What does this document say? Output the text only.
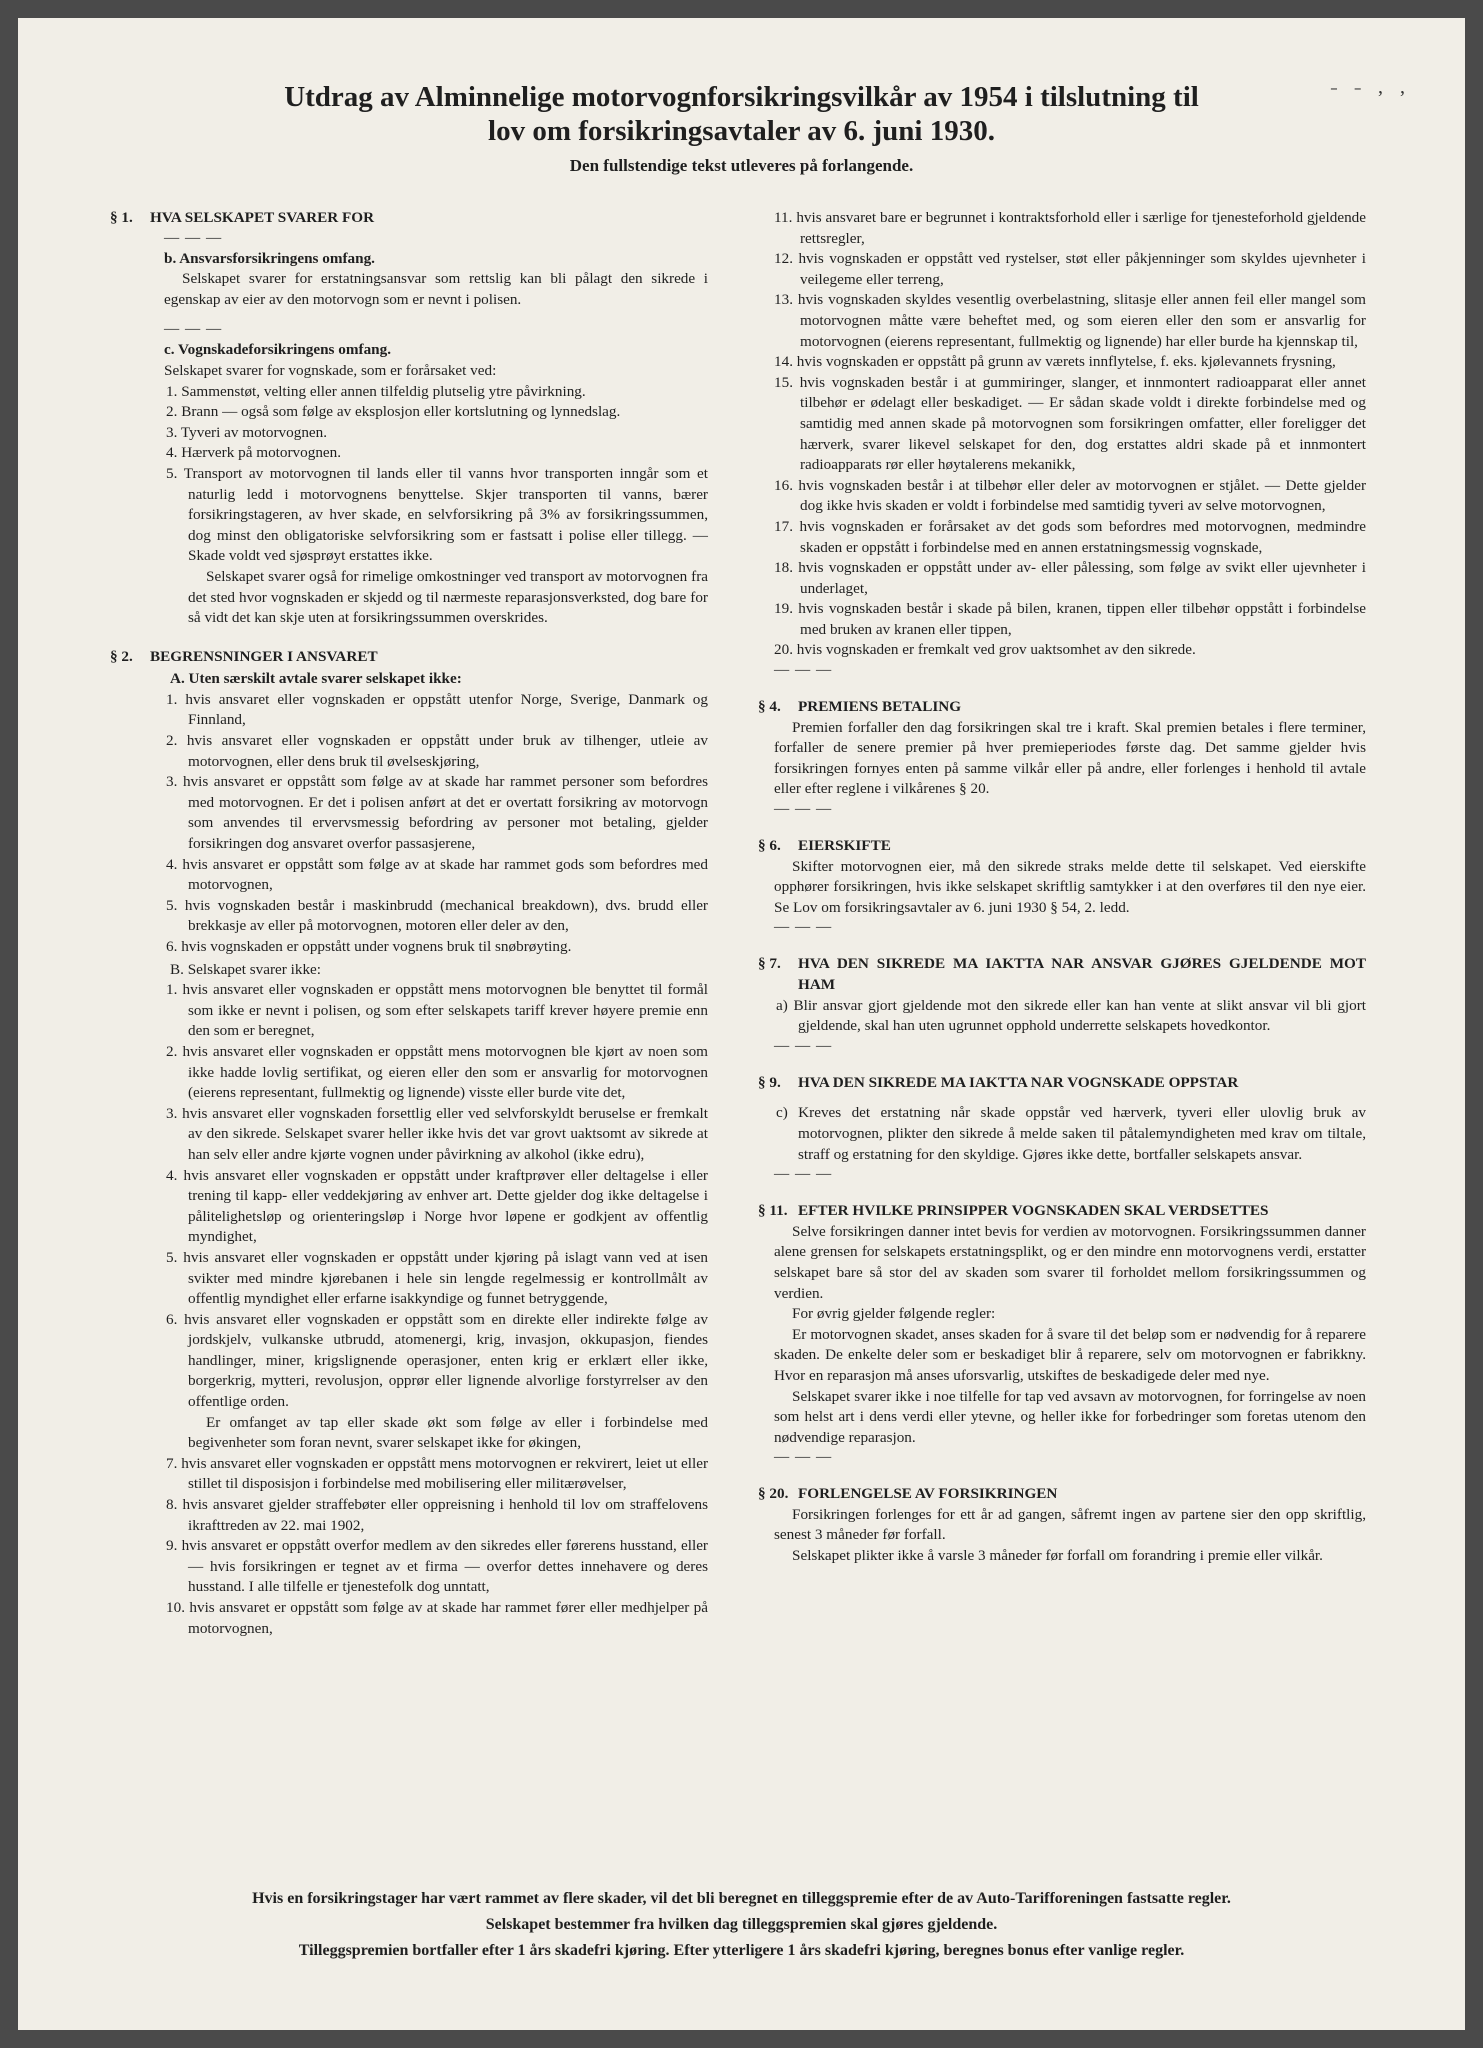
˗ ˗ , ,
Utdrag av Alminnelige motorvognforsikringsvilkår av 1954 i tilslutning til
lov om forsikringsavtaler av 6. juni 1930.
Den fullstendige tekst utleveres på forlangende.
§ 1. HVA SELSKAPET SVARER FOR
— — —
b. Ansvarsforsikringens omfang.
Selskapet svarer for erstatningsansvar som rettslig kan bli pålagt den sikrede i egenskap av eier av den motorvogn som er nevnt i polisen.
— — —
c. Vognskadeforsikringens omfang.
Selskapet svarer for vognskade, som er forårsaket ved:
1. Sammenstøt, velting eller annen tilfeldig plutselig ytre påvirkning.
2. Brann — også som følge av eksplosjon eller kortslutning og lynnedslag.
3. Tyveri av motorvognen.
4. Hærverk på motorvognen.
5. Transport av motorvognen til lands eller til vanns hvor transporten inngår som et naturlig ledd i motorvognens benyttelse. Skjer transporten til vanns, bærer forsikringstageren, av hver skade, en selvforsikring på 3% av forsikringssummen, dog minst den obligatoriske selvforsikring som er fastsatt i polise eller tillegg. — Skade voldt ved sjøsprøyt erstattes ikke.
Selskapet svarer også for rimelige omkostninger ved transport av motorvognen fra det sted hvor vognskaden er skjedd og til nærmeste reparasjonsverksted, dog bare for så vidt det kan skje uten at forsikringssummen overskrides.
§ 2. BEGRENSNINGER I ANSVARET
A. Uten særskilt avtale svarer selskapet ikke:
1. hvis ansvaret eller vognskaden er oppstått utenfor Norge, Sverige, Danmark og Finnland,
2. hvis ansvaret eller vognskaden er oppstått under bruk av tilhenger, utleie av motorvognen, eller dens bruk til øvelseskjøring,
3. hvis ansvaret er oppstått som følge av at skade har rammet personer som befordres med motorvognen. Er det i polisen anført at det er overtatt forsikring av motorvogn som anvendes til ervervsmessig befordring av personer mot betaling, gjelder forsikringen dog ansvaret overfor passasjerene,
4. hvis ansvaret er oppstått som følge av at skade har rammet gods som befordres med motorvognen,
5. hvis vognskaden består i maskinbrudd (mechanical breakdown), dvs. brudd eller brekkasje av eller på motorvognen, motoren eller deler av den,
6. hvis vognskaden er oppstått under vognens bruk til snøbrøyting.
B. Selskapet svarer ikke:
1. hvis ansvaret eller vognskaden er oppstått mens motorvognen ble benyttet til formål som ikke er nevnt i polisen, og som efter selskapets tariff krever høyere premie enn den som er beregnet,
2. hvis ansvaret eller vognskaden er oppstått mens motorvognen ble kjørt av noen som ikke hadde lovlig sertifikat, og eieren eller den som er ansvarlig for motorvognen (eierens representant, fullmektig og lignende) visste eller burde vite det,
3. hvis ansvaret eller vognskaden forsettlig eller ved selvforskyldt beruselse er fremkalt av den sikrede. Selskapet svarer heller ikke hvis det var grovt uaktsomt av sikrede at han selv eller andre kjørte vognen under påvirkning av alkohol (ikke edru),
4. hvis ansvaret eller vognskaden er oppstått under kraftprøver eller deltagelse i eller trening til kapp- eller veddekjøring av enhver art. Dette gjelder dog ikke deltagelse i pålitelighetsløp og orienteringsløp i Norge hvor løpene er godkjent av offentlig myndighet,
5. hvis ansvaret eller vognskaden er oppstått under kjøring på islagt vann ved at isen svikter med mindre kjørebanen i hele sin lengde regelmessig er kontrollmålt av offentlig myndighet eller erfarne isakkyndige og funnet betryggende,
6. hvis ansvaret eller vognskaden er oppstått som en direkte eller indirekte følge av jordskjelv, vulkanske utbrudd, atomenergi, krig, invasjon, okkupasjon, fiendes handlinger, miner, krigslignende operasjoner, enten krig er erklært eller ikke, borgerkrig, mytteri, revolusjon, opprør eller lignende alvorlige forstyrrelser av den offentlige orden.
Er omfanget av tap eller skade økt som følge av eller i forbindelse med begivenheter som foran nevnt, svarer selskapet ikke for økingen,
7. hvis ansvaret eller vognskaden er oppstått mens motorvognen er rekvirert, leiet ut eller stillet til disposisjon i forbindelse med mobilisering eller militærøvelser,
8. hvis ansvaret gjelder straffebøter eller oppreisning i henhold til lov om straffelovens ikrafttreden av 22. mai 1902,
9. hvis ansvaret er oppstått overfor medlem av den sikredes eller førerens husstand, eller — hvis forsikringen er tegnet av et firma — overfor dettes innehavere og deres husstand. I alle tilfelle er tjenestefolk dog unntatt,
10. hvis ansvaret er oppstått som følge av at skade har rammet fører eller medhjelper på motorvognen,
11. hvis ansvaret bare er begrunnet i kontraktsforhold eller i særlige for tjenesteforhold gjeldende rettsregler,
12. hvis vognskaden er oppstått ved rystelser, støt eller påkjenninger som skyldes ujevnheter i veilegeme eller terreng,
13. hvis vognskaden skyldes vesentlig overbelastning, slitasje eller annen feil eller mangel som motorvognen måtte være beheftet med, og som eieren eller den som er ansvarlig for motorvognen (eierens representant, fullmektig og lignende) har eller burde ha kjennskap til,
14. hvis vognskaden er oppstått på grunn av værets innflytelse, f. eks. kjølevannets frysning,
15. hvis vognskaden består i at gummiringer, slanger, et innmontert radioapparat eller annet tilbehør er ødelagt eller beskadiget. — Er sådan skade voldt i direkte forbindelse med og samtidig med annen skade på motorvognen som forsikringen omfatter, eller foreligger det hærverk, svarer likevel selskapet for den, dog erstattes aldri skade på et innmontert radioapparats rør eller høytalerens mekanikk,
16. hvis vognskaden består i at tilbehør eller deler av motorvognen er stjålet. — Dette gjelder dog ikke hvis skaden er voldt i forbindelse med samtidig tyveri av selve motorvognen,
17. hvis vognskaden er forårsaket av det gods som befordres med motorvognen, medmindre skaden er oppstått i forbindelse med en annen erstatningsmessig vognskade,
18. hvis vognskaden er oppstått under av- eller pålessing, som følge av svikt eller ujevnheter i underlaget,
19. hvis vognskaden består i skade på bilen, kranen, tippen eller tilbehør oppstått i forbindelse med bruken av kranen eller tippen,
20. hvis vognskaden er fremkalt ved grov uaktsomhet av den sikrede.
— — —
§ 4. PREMIENS BETALING
Premien forfaller den dag forsikringen skal tre i kraft. Skal premien betales i flere terminer, forfaller de senere premier på hver premieperiodes første dag. Det samme gjelder hvis forsikringen fornyes enten på samme vilkår eller på andre, eller forlenges i henhold til avtale eller efter reglene i vilkårenes § 20.
— — —
§ 6. EIERSKIFTE
Skifter motorvognen eier, må den sikrede straks melde dette til selskapet. Ved eierskifte opphører forsikringen, hvis ikke selskapet skriftlig samtykker i at den overføres til den nye eier. Se Lov om forsikringsavtaler av 6. juni 1930 § 54, 2. ledd.
— — —
§ 7. HVA DEN SIKREDE MA IAKTTA NAR ANSVAR GJØRES GJELDENDE MOT HAM
a) Blir ansvar gjort gjeldende mot den sikrede eller kan han vente at slikt ansvar vil bli gjort gjeldende, skal han uten ugrunnet opphold underrette selskapets hovedkontor.
— — —
§ 9. HVA DEN SIKREDE MA IAKTTA NAR VOGNSKADE OPPSTAR
c) Kreves det erstatning når skade oppstår ved hærverk, tyveri eller ulovlig bruk av motorvognen, plikter den sikrede å melde saken til påtalemyndigheten med krav om tiltale, straff og erstatning for den skyldige. Gjøres ikke dette, bortfaller selskapets ansvar.
— — —
§ 11. EFTER HVILKE PRINSIPPER VOGNSKADEN SKAL VERDSETTES
Selve forsikringen danner intet bevis for verdien av motorvognen. Forsikringssummen danner alene grensen for selskapets erstatningsplikt, og er den mindre enn motorvognens verdi, erstatter selskapet bare så stor del av skaden som svarer til forholdet mellom forsikringssummen og verdien.
For øvrig gjelder følgende regler:
Er motorvognen skadet, anses skaden for å svare til det beløp som er nødvendig for å reparere skaden. De enkelte deler som er beskadiget blir å reparere, selv om motorvognen er fabrikkny. Hvor en reparasjon må anses uforsvarlig, utskiftes de beskadigede deler med nye.
Selskapet svarer ikke i noe tilfelle for tap ved avsavn av motorvognen, for forringelse av noen som helst art i dens verdi eller ytevne, og heller ikke for forbedringer som foretas utenom den nødvendige reparasjon.
— — —
§ 20. FORLENGELSE AV FORSIKRINGEN
Forsikringen forlenges for ett år ad gangen, såfremt ingen av partene sier den opp skriftlig, senest 3 måneder før forfall.
Selskapet plikter ikke å varsle 3 måneder før forfall om forandring i premie eller vilkår.
Hvis en forsikringstager har vært rammet av flere skader, vil det bli beregnet en tilleggspremie efter de av Auto-Tarifforeningen fastsatte regler.
Selskapet bestemmer fra hvilken dag tilleggspremien skal gjøres gjeldende.
Tilleggspremien bortfaller efter 1 års skadefri kjøring. Efter ytterligere 1 års skadefri kjøring, beregnes bonus efter vanlige regler.
